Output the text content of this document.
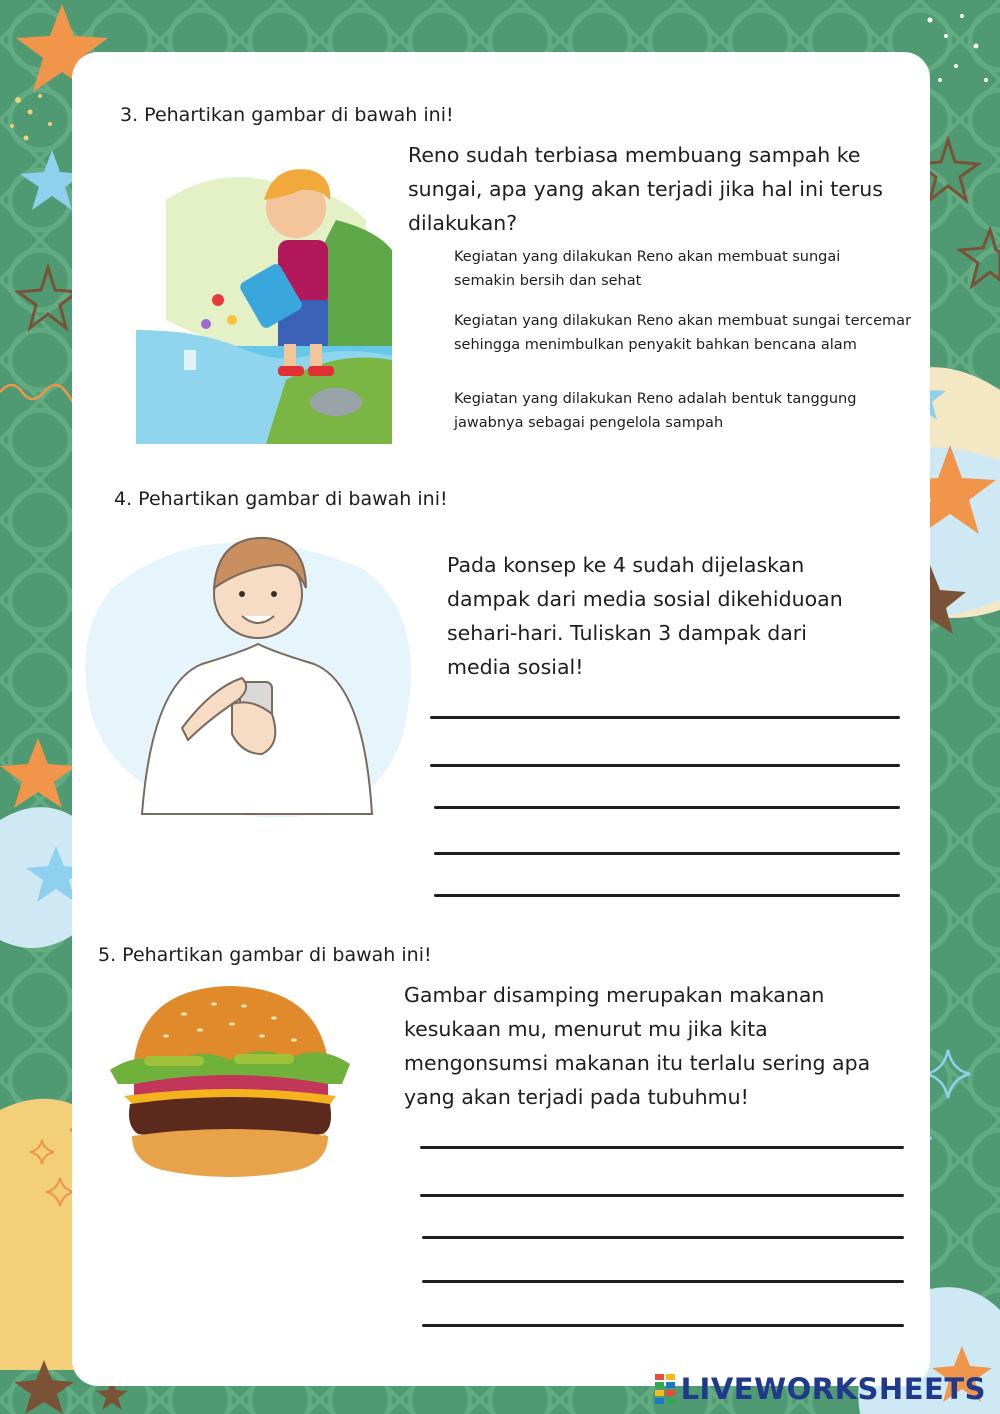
3. Pehartikan gambar di bawah ini!
Reno sudah terbiasa membuang sampah ke sungai, apa yang akan terjadi jika hal ini terus dilakukan?
Kegiatan yang dilakukan Reno akan membuat sungai semakin bersih dan sehat
Kegiatan yang dilakukan Reno akan membuat sungai tercemar sehingga menimbulkan penyakit bahkan bencana alam
Kegiatan yang dilakukan Reno adalah bentuk tanggung jawabnya sebagai pengelola sampah
4. Pehartikan gambar di bawah ini!
Pada konsep ke 4 sudah dijelaskan dampak dari media sosial dikehiduoan sehari-hari. Tuliskan 3 dampak dari media sosial!
5. Pehartikan gambar di bawah ini!
Gambar disamping merupakan makanan kesukaan mu, menurut mu jika kita mengonsumsi makanan itu terlalu sering apa yang akan terjadi pada tubuhmu!
LIVEWORKSHEETS
